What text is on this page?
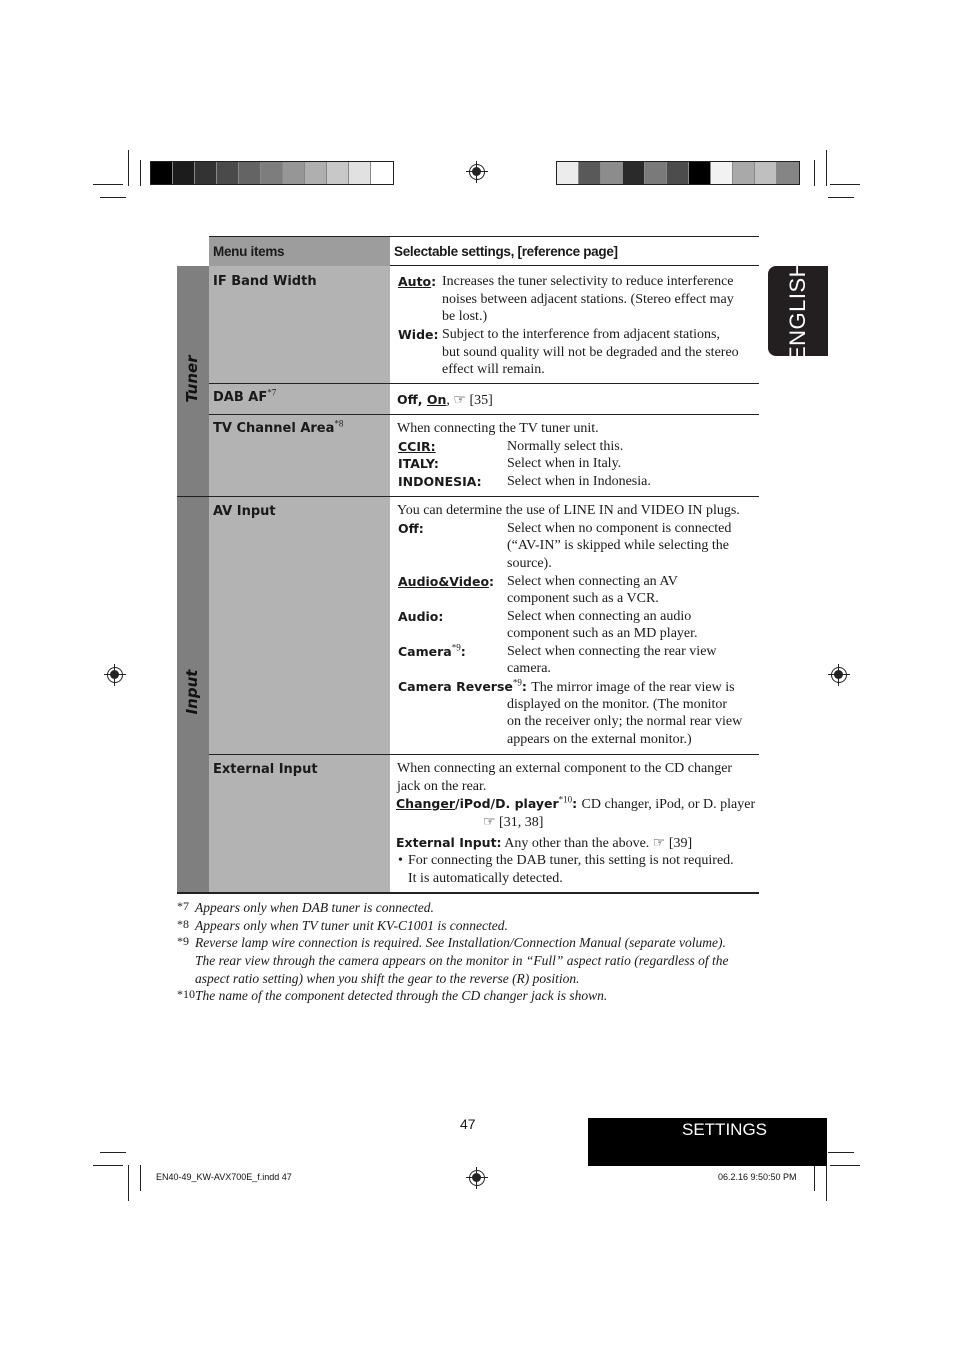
ENGLISH
Menu items	Selectable settings, [reference page]
Tuner
Input
IF Band Width	Auto: Increases the tuner selectivity to reduce interference
noises between adjacent stations. (Stereo effect may
be lost.)
Wide: Subject to the interference from adjacent stations,
but sound quality will not be degraded and the stereo
effect will remain.
DAB AF$^{*7}$	Off, On, ☞ [35]
TV Channel Area$^{*8}$	When connecting the TV tuner unit.
CCIR:	Normally select this.
ITALY:	Select when in Italy.
INDONESIA: Select when in Indonesia.
AV Input	You can determine the use of LINE IN and VIDEO IN plugs.
Off:	Select when no component is connected
(“AV-IN” is skipped while selecting the
source).
Audio&Video: Select when connecting an AV
component such as a VCR.
Audio:	Select when connecting an audio
component such as an MD player.
Camera$^{*9}$:	Select when connecting the rear view
camera.
Camera Reverse$^{*9}$: The mirror image of the rear view is
displayed on the monitor. (The monitor
on the receiver only; the normal rear view
appears on the external monitor.)
External Input	When connecting an external component to the CD changer
jack on the rear.
Changer/iPod/D. player$^{*10}$: CD changer, iPod, or D. player
☞ [31, 38]
External Input: Any other than the above. ☞ [39]
• For connecting the DAB tuner, this setting is not required.
It is automatically detected.
*7 Appears only when DAB tuner is connected.
*8 Appears only when TV tuner unit KV-C1001 is connected.
*9 Reverse lamp wire connection is required. See Installation/Connection Manual (separate volume).
The rear view through the camera appears on the monitor in “Full” aspect ratio (regardless of the
aspect ratio setting) when you shift the gear to the reverse (R) position.
*10 The name of the component detected through the CD changer jack is shown.
47	SETTINGS
EN40-49_KW-AVX700E_f.indd 47	06.2.16 9:50:50 PM
